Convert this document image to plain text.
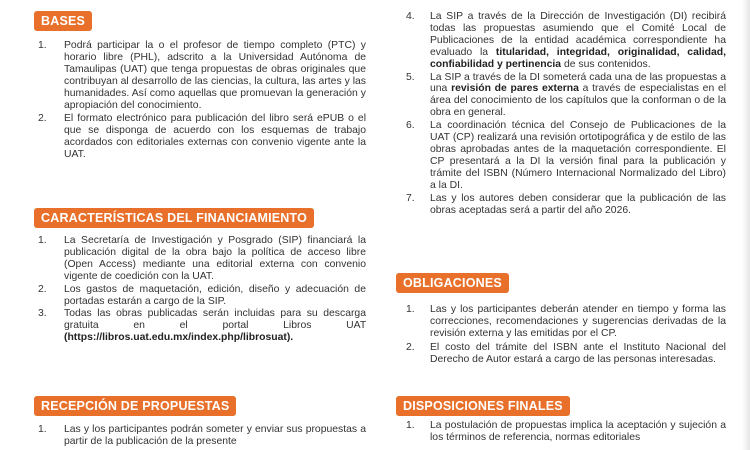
BASES
1.	Podrá participar la o el profesor de tiempo completo (PTC) y horario libre (PHL), adscrito a la Universidad Autónoma de Tamaulipas (UAT) que tenga propuestas de obras originales que contribuyan al desarrollo de las ciencias, la cultura, las artes y las humanidades. Así como aquellas que promuevan la generación y apropiación del conocimiento.
2.	El formato electrónico para publicación del libro será ePUB o el que se disponga de acuerdo con los esquemas de trabajo acordados con editoriales externas con convenio vigente ante la UAT.
CARACTERÍSTICAS DEL FINANCIAMIENTO
1.	La Secretaría de Investigación y Posgrado (SIP) financiará la publicación digital de la obra bajo la política de acceso libre (Open Access) mediante una editorial externa con convenio vigente de coedición con la UAT.
2.	Los gastos de maquetación, edición, diseño y adecuación de portadas estarán a cargo de la SIP.
3.	Todas las obras publicadas serán incluidas para su descarga gratuita en el portal Libros UAT (https://libros.uat.edu.mx/index.php/librosuat).
RECEPCIÓN DE PROPUESTAS
1.	Las y los participantes podrán someter y enviar sus propuestas a partir de la publicación de la presente
4.	La SIP a través de la Dirección de Investigación (DI) recibirá todas las propuestas asumiendo que el Comité Local de Publicaciones de la entidad académica correspondiente ha evaluado la titularidad, integridad, originalidad, calidad, confiabilidad y pertinencia de sus contenidos.
5.	La SIP a través de la DI someterá cada una de las propuestas a una revisión de pares externa a través de especialistas en el área del conocimiento de los capítulos que la conforman o de la obra en general.
6.	La coordinación técnica del Consejo de Publicaciones de la UAT (CP) realizará una revisión ortotipográfica y de estilo de las obras aprobadas antes de la maquetación correspondiente. El CP presentará a la DI la versión final para la publicación y trámite del ISBN (Número Internacional Normalizado del Libro) a la DI.
7.	Las y los autores deben considerar que la publicación de las obras aceptadas será a partir del año 2026.
OBLIGACIONES
1.	Las y los participantes deberán atender en tiempo y forma las correcciones, recomendaciones y sugerencias derivadas de la revisión externa y las emitidas por el CP.
2.	El costo del trámite del ISBN ante el Instituto Nacional del Derecho de Autor estará a cargo de las personas interesadas.
DISPOSICIONES FINALES
1.	La postulación de propuestas implica la aceptación y sujeción a los términos de referencia, normas editoriales
